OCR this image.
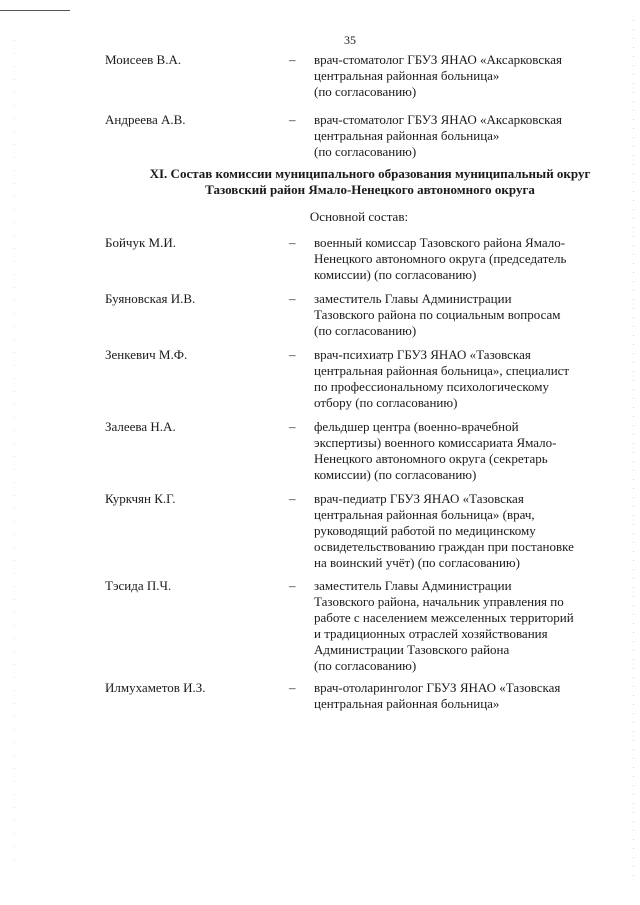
35
Моисеев В.А.	– врач-стоматолог ГБУЗ ЯНАО «Аксарковская
центральная районная больница»
(по согласованию)
Андреева А.В.	– врач-стоматолог ГБУЗ ЯНАО «Аксарковская
центральная районная больница»
(по согласованию)
XI. Состав комиссии муниципального образования муниципальный округ
Тазовский район Ямало-Ненецкого автономного округа
Основной состав:
Бойчук М.И.	– военный комиссар Тазовского района Ямало-
Ненецкого автономного округа (председатель
комиссии) (по согласованию)
Буяновская И.В.	– заместитель Главы Администрации
Тазовского района по социальным вопросам
(по согласованию)
Зенкевич М.Ф.	– врач-психиатр ГБУЗ ЯНАО «Тазовская
центральная районная больница», специалист
по профессиональному психологическому
отбору (по согласованию)
Залеева Н.А.	– фельдшер центра (военно-врачебной
экспертизы) военного комиссариата Ямало-
Ненецкого автономного округа (секретарь
комиссии) (по согласованию)
Куркчян К.Г.	– врач-педиатр ГБУЗ ЯНАО «Тазовская
центральная районная больница» (врач,
руководящий работой по медицинскому
освидетельствованию граждан при постановке
на воинский учёт) (по согласованию)
Тэсида П.Ч.	– заместитель Главы Администрации
Тазовского района, начальник управления по
работе с населением межселенных территорий
и традиционных отраслей хозяйствования
Администрации Тазовского района
(по согласованию)
Илмухаметов И.З.	– врач-отоларинголог ГБУЗ ЯНАО «Тазовская
центральная районная больница»
